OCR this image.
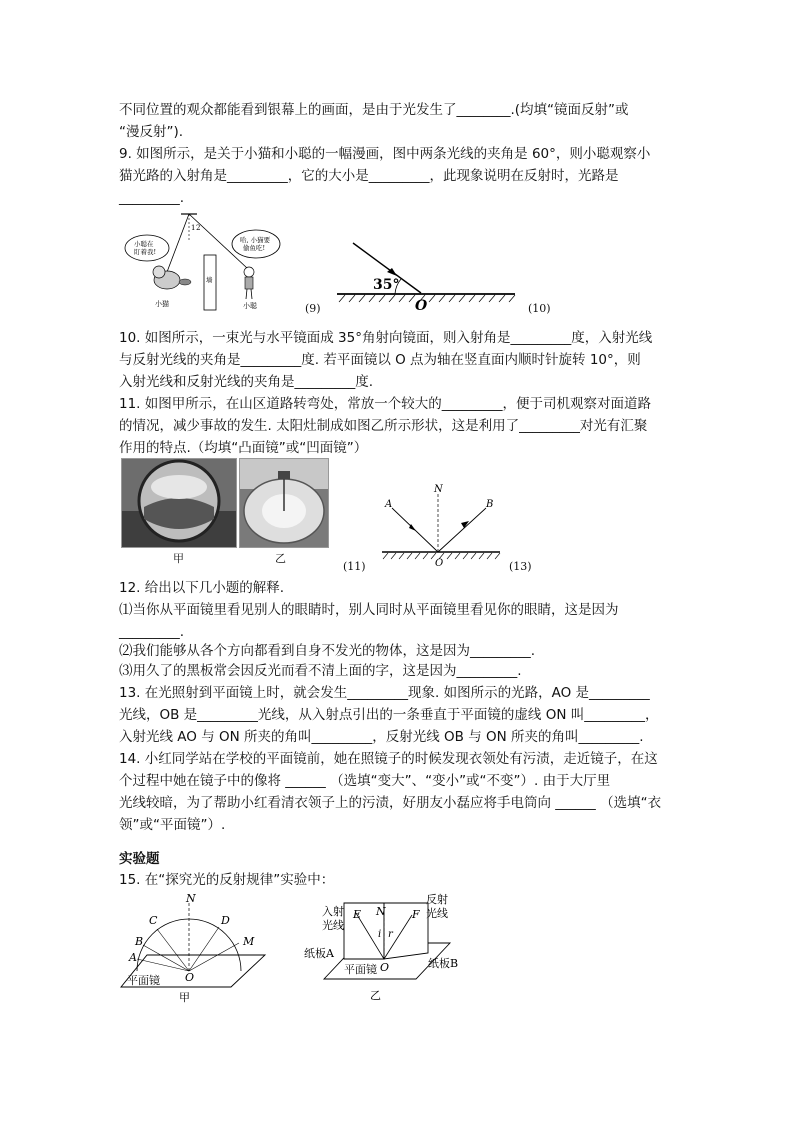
不同位置的观众都能看到银幕上的画面，是由于光发生了________.(均填“镜面反射”或
“漫反射”).
9. 如图所示，是关于小猫和小聪的一幅漫画，图中两条光线的夹角是 60°，则小聪观察小
猫光路的入射角是_________，它的大小是_________，此现象说明在反射时，光路是
_________.
1 2
小聪在
盯着我!
哈, 小猫要
偷鱼吃!
小猫
墙
小聪	(9)
35°
O	(10)
10. 如图所示，一束光与水平镜面成 35°角射向镜面，则入射角是_________度，入射光线
与反射光线的夹角是_________度. 若平面镜以 O 点为轴在竖直面内顺时针旋转 10°，则
入射光线和反射光线的夹角是_________度.
11. 如图甲所示，在山区道路转弯处，常放一个较大的_________，便于司机观察对面道路
的情况，减少事故的发生. 太阳灶制成如图乙所示形状，这是利用了_________对光有汇聚
作用的特点.（均填“凸面镜”或“凹面镜”）
甲	乙
(11)
A
N
B
O	(13)
12. 给出以下几小题的解释.
⑴当你从平面镜里看见别人的眼睛时，别人同时从平面镜里看见你的眼睛，这是因为
_________.
⑵我们能够从各个方向都看到自身不发光的物体，这是因为_________.
⑶用久了的黑板常会因反光而看不清上面的字，这是因为_________.
13. 在光照射到平面镜上时，就会发生_________现象. 如图所示的光路，AO 是_________
光线，OB 是_________光线，从入射点引出的一条垂直于平面镜的虚线 ON 叫_________，
入射光线 AO 与 ON 所夹的角叫_________，反射光线 OB 与 ON 所夹的角叫_________.
14. 小红同学站在学校的平面镜前，她在照镜子的时候发现衣领处有污渍，走近镜子，在这
个过程中她在镜子中的像将 ______ （选填“变大”、“变小”或“不变”）. 由于大厅里
光线较暗，为了帮助小红看清衣领子上的污渍，好朋友小磊应将手电筒向 ______ （选填“衣
领”或“平面镜”）.
实验题
15. 在“探究光的反射规律”实验中：
N
C	D
B	M
A
O
平面镜
甲
E N F
i r
O
入射
光线
反射
光线
纸板A
纸板B
平面镜
乙
